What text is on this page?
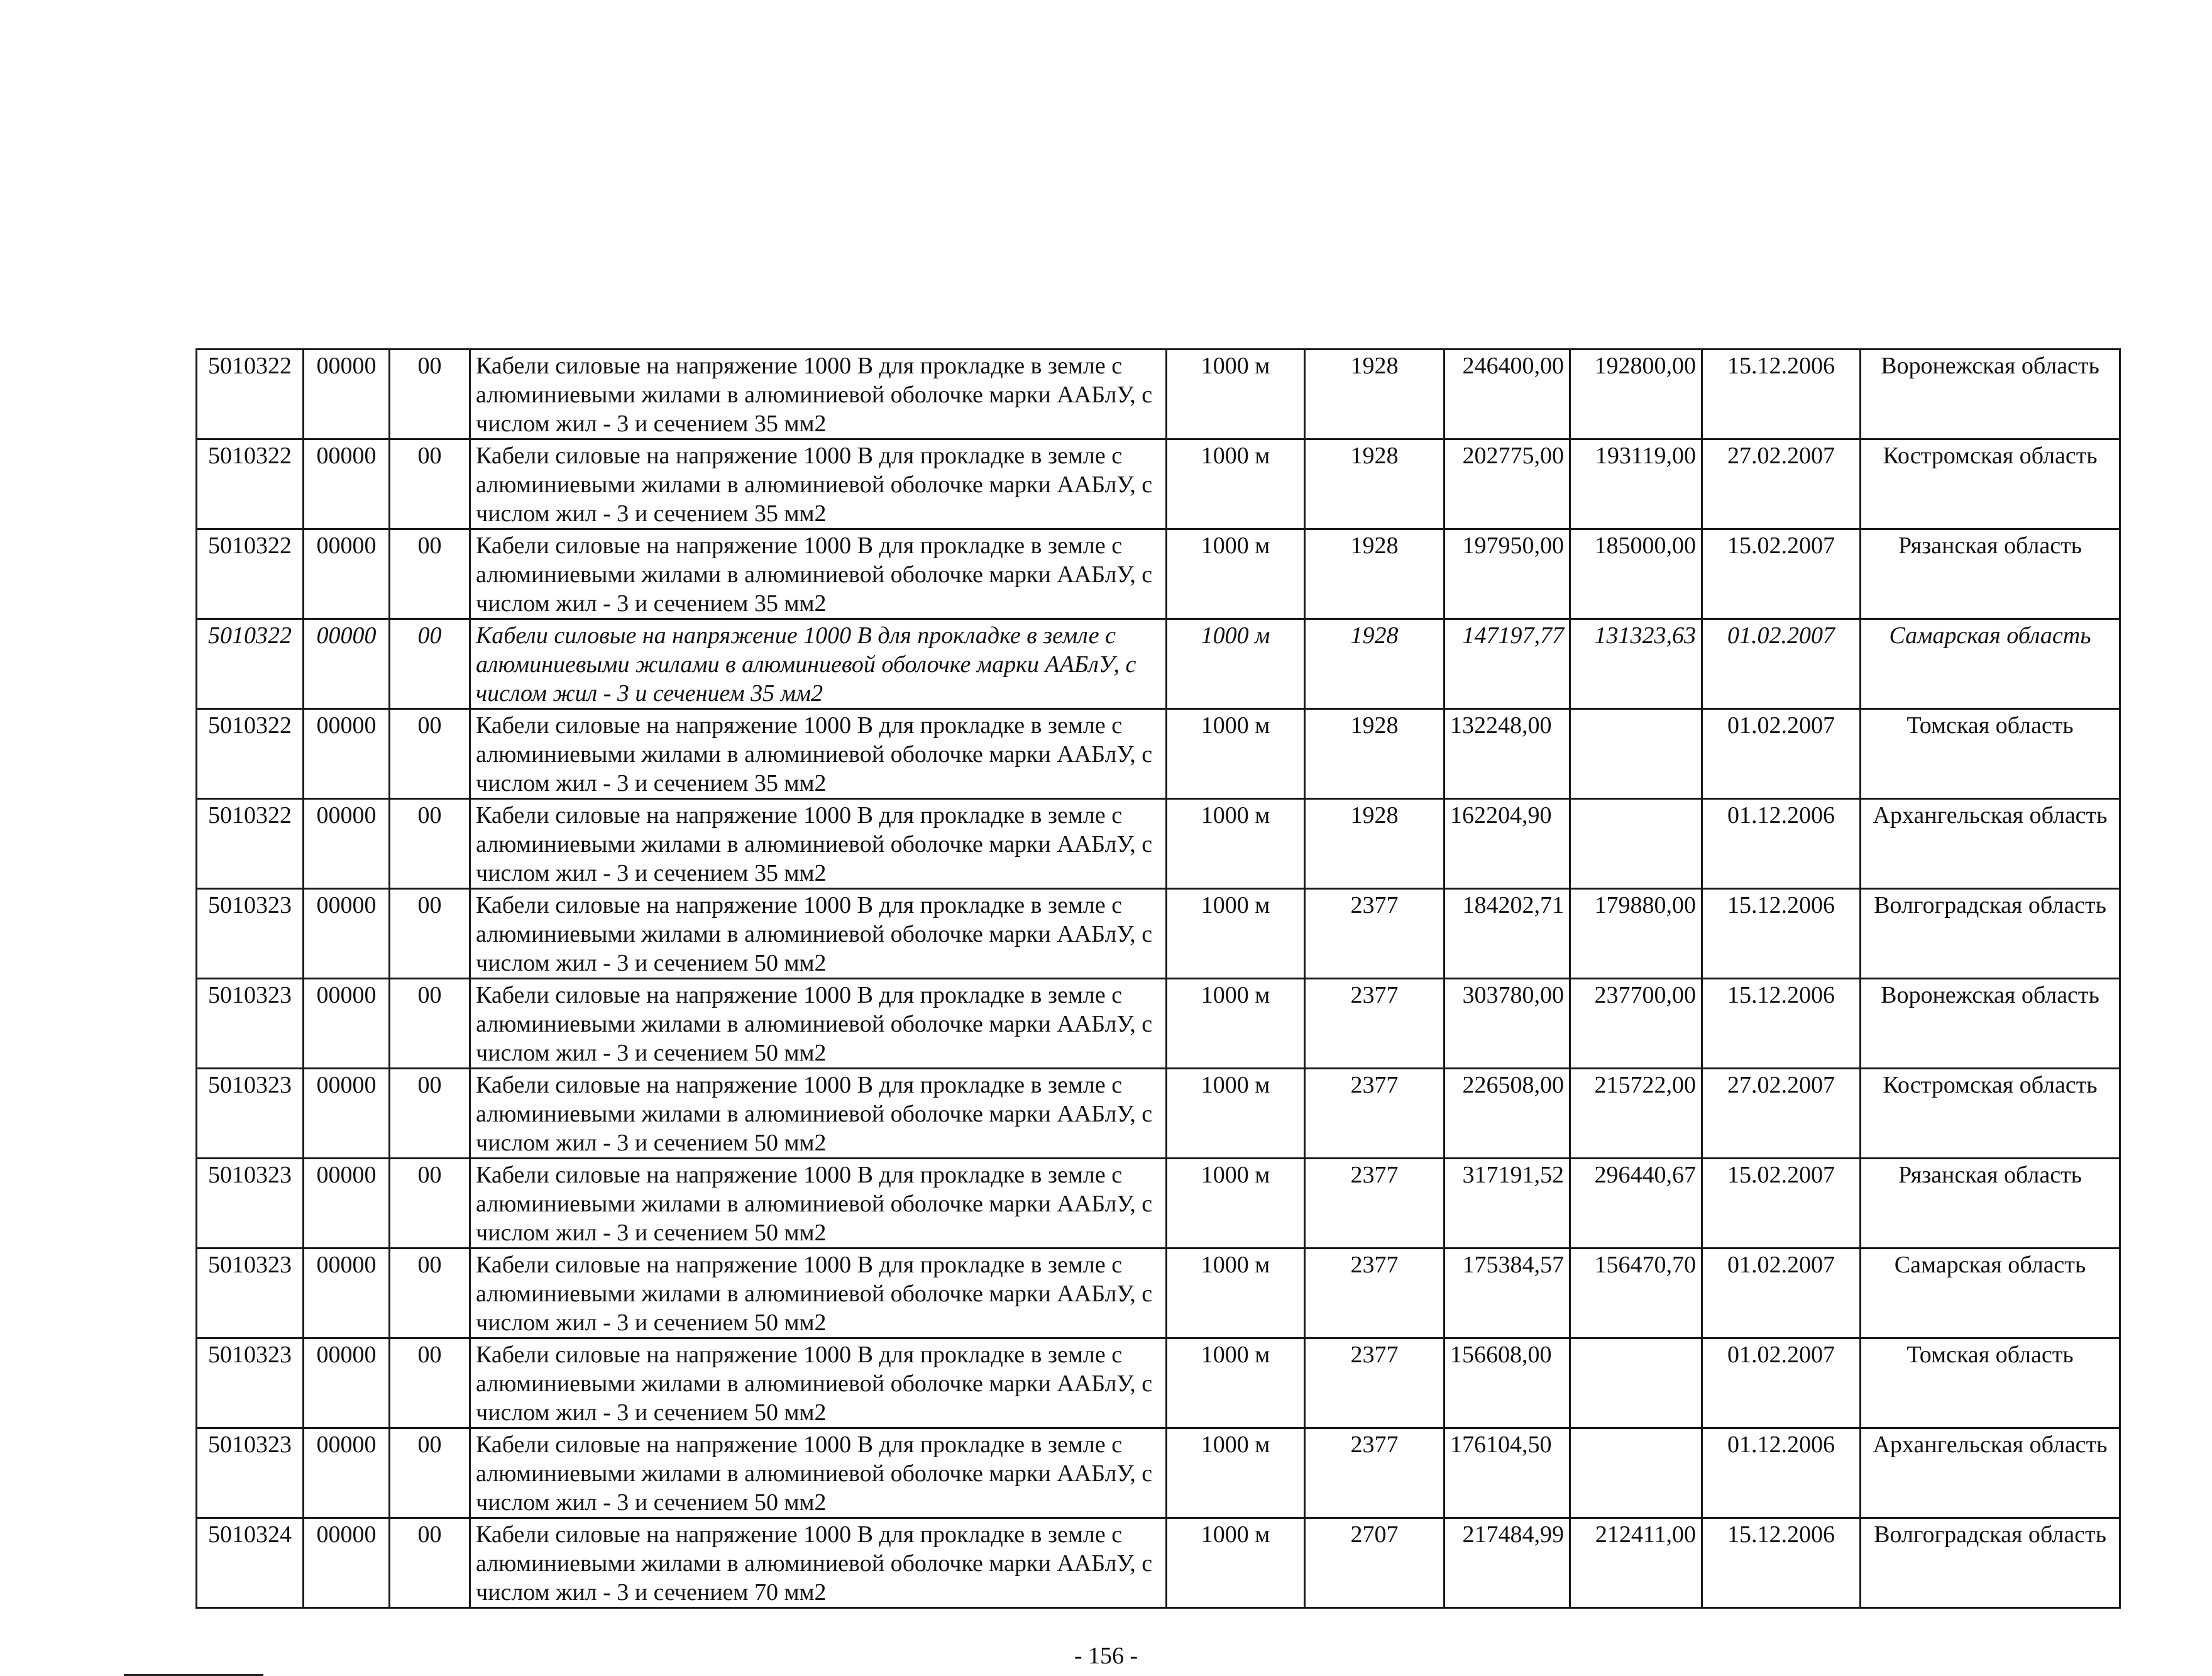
5010322	00000	00	Кабели силовые на напряжение 1000 В для прокладке в земле с алюминиевыми жилами в алюминиевой оболочке марки ААБлУ, с числом жил - 3 и сечением 35 мм2	1000 м	1928	246400,00	192800,00	15.12.2006	Воронежская область
5010322	00000	00	Кабели силовые на напряжение 1000 В для прокладке в земле с алюминиевыми жилами в алюминиевой оболочке марки ААБлУ, с числом жил - 3 и сечением 35 мм2	1000 м	1928	202775,00	193119,00	27.02.2007	Костромская область
5010322	00000	00	Кабели силовые на напряжение 1000 В для прокладке в земле с алюминиевыми жилами в алюминиевой оболочке марки ААБлУ, с числом жил - 3 и сечением 35 мм2	1000 м	1928	197950,00	185000,00	15.02.2007	Рязанская область
5010322	00000	00	Кабели силовые на напряжение 1000 В для прокладке в земле с алюминиевыми жилами в алюминиевой оболочке марки ААБлУ, с числом жил - 3 и сечением 35 мм2	1000 м	1928	147197,77	131323,63	01.02.2007	Самарская область
5010322	00000	00	Кабели силовые на напряжение 1000 В для прокладке в земле с алюминиевыми жилами в алюминиевой оболочке марки ААБлУ, с числом жил - 3 и сечением 35 мм2	1000 м	1928	132248,00		01.02.2007	Томская область
5010322	00000	00	Кабели силовые на напряжение 1000 В для прокладке в земле с алюминиевыми жилами в алюминиевой оболочке марки ААБлУ, с числом жил - 3 и сечением 35 мм2	1000 м	1928	162204,90		01.12.2006	Архангельская область
5010323	00000	00	Кабели силовые на напряжение 1000 В для прокладке в земле с алюминиевыми жилами в алюминиевой оболочке марки ААБлУ, с числом жил - 3 и сечением 50 мм2	1000 м	2377	184202,71	179880,00	15.12.2006	Волгоградская область
5010323	00000	00	Кабели силовые на напряжение 1000 В для прокладке в земле с алюминиевыми жилами в алюминиевой оболочке марки ААБлУ, с числом жил - 3 и сечением 50 мм2	1000 м	2377	303780,00	237700,00	15.12.2006	Воронежская область
5010323	00000	00	Кабели силовые на напряжение 1000 В для прокладке в земле с алюминиевыми жилами в алюминиевой оболочке марки ААБлУ, с числом жил - 3 и сечением 50 мм2	1000 м	2377	226508,00	215722,00	27.02.2007	Костромская область
5010323	00000	00	Кабели силовые на напряжение 1000 В для прокладке в земле с алюминиевыми жилами в алюминиевой оболочке марки ААБлУ, с числом жил - 3 и сечением 50 мм2	1000 м	2377	317191,52	296440,67	15.02.2007	Рязанская область
5010323	00000	00	Кабели силовые на напряжение 1000 В для прокладке в земле с алюминиевыми жилами в алюминиевой оболочке марки ААБлУ, с числом жил - 3 и сечением 50 мм2	1000 м	2377	175384,57	156470,70	01.02.2007	Самарская область
5010323	00000	00	Кабели силовые на напряжение 1000 В для прокладке в земле с алюминиевыми жилами в алюминиевой оболочке марки ААБлУ, с числом жил - 3 и сечением 50 мм2	1000 м	2377	156608,00		01.02.2007	Томская область
5010323	00000	00	Кабели силовые на напряжение 1000 В для прокладке в земле с алюминиевыми жилами в алюминиевой оболочке марки ААБлУ, с числом жил - 3 и сечением 50 мм2	1000 м	2377	176104,50		01.12.2006	Архангельская область
5010324	00000	00	Кабели силовые на напряжение 1000 В для прокладке в земле с алюминиевыми жилами в алюминиевой оболочке марки ААБлУ, с числом жил - 3 и сечением 70 мм2	1000 м	2707	217484,99	212411,00	15.12.2006	Волгоградская область
- 156 -
